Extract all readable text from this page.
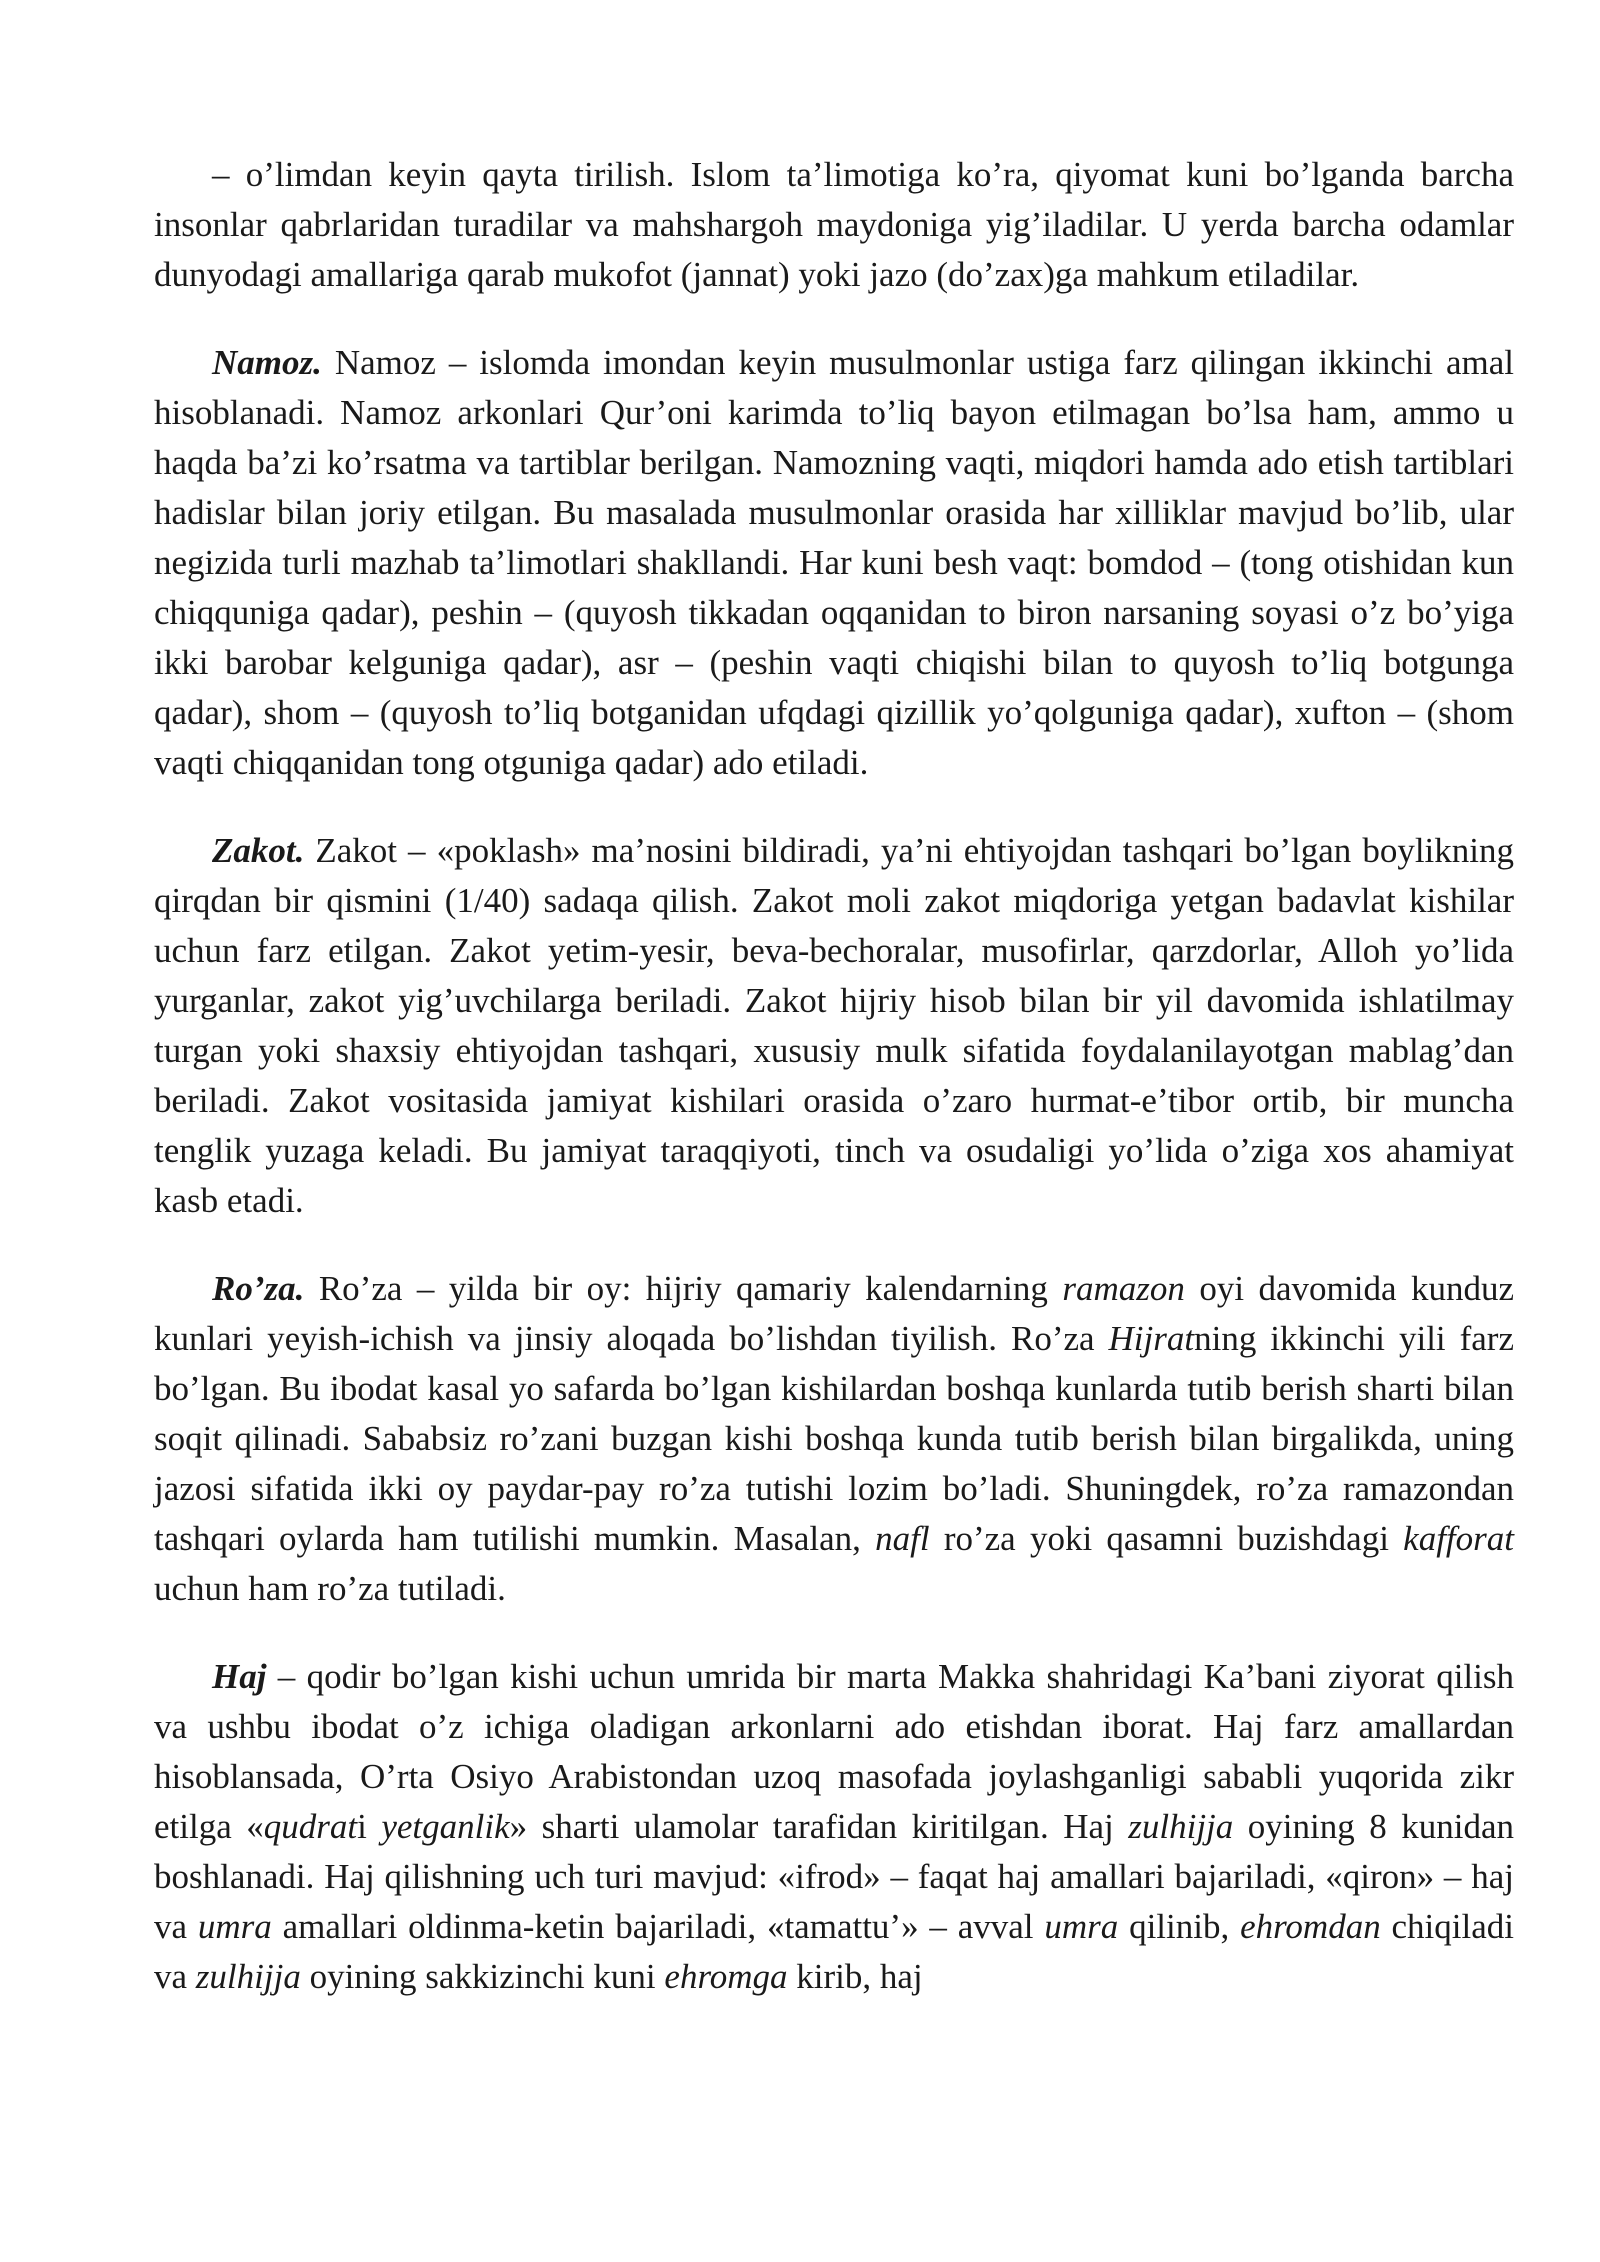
– o’limdan keyin qayta tirilish. Islom ta’limotiga ko’ra, qiyomat kuni bo’lganda barcha insonlar qabrlaridan turadilar va mahshargoh maydoniga yig’iladilar. U yerda barcha odamlar dunyodagi amallariga qarab mukofot (jannat) yoki jazo (do’zax)ga mahkum etiladilar.

Namoz. Namoz – islomda imondan keyin musulmonlar ustiga farz qilingan ikkinchi amal hisoblanadi. Namoz arkonlari Qur’oni karimda to’liq bayon etilmagan bo’lsa ham, ammo u haqda ba’zi ko’rsatma va tartiblar berilgan. Namozning vaqti, miqdori hamda ado etish tartiblari hadislar bilan joriy etilgan. Bu masalada musulmonlar orasida har xilliklar mavjud bo’lib, ular negizida turli mazhab ta’limotlari shakllandi. Har kuni besh vaqt: bomdod – (tong otishidan kun chiqquniga qadar), peshin – (quyosh tikkadan oqqanidan to biron narsaning soyasi o’z bo’yiga ikki barobar kelguniga qadar), asr – (peshin vaqti chiqishi bilan to quyosh to’liq botgunga qadar), shom – (quyosh to’liq botganidan ufqdagi qizillik yo’qolguniga qadar), xufton – (shom vaqti chiqqanidan tong otguniga qadar) ado etiladi.

Zakot. Zakot – «poklash» ma’nosini bildiradi, ya’ni ehtiyojdan tashqari bo’lgan boylikning qirqdan bir qismini (1/40) sadaqa qilish. Zakot moli zakot miqdoriga yetgan badavlat kishilar uchun farz etilgan. Zakot yetim-yesir, beva-bechoralar, musofirlar, qarzdorlar, Alloh yo’lida yurganlar, zakot yig’uvchilarga beriladi. Zakot hijriy hisob bilan bir yil davomida ishlatilmay turgan yoki shaxsiy ehtiyojdan tashqari, xususiy mulk sifatida foydalanilayotgan mablag’dan beriladi. Zakot vositasida jamiyat kishilari orasida o’zaro hurmat-e’tibor ortib, bir muncha tenglik yuzaga keladi. Bu jamiyat taraqqiyoti, tinch va osudaligi yo’lida o’ziga xos ahamiyat kasb etadi.

Ro’za. Ro’za – yilda bir oy: hijriy qamariy kalendarning ramazon oyi davomida kunduz kunlari yeyish-ichish va jinsiy aloqada bo’lishdan tiyilish. Ro’za Hijratning ikkinchi yili farz bo’lgan. Bu ibodat kasal yo safarda bo’lgan kishilardan boshqa kunlarda tutib berish sharti bilan soqit qilinadi. Sababsiz ro’zani buzgan kishi boshqa kunda tutib berish bilan birgalikda, uning jazosi sifatida ikki oy paydar-pay ro’za tutishi lozim bo’ladi. Shuningdek, ro’za ramazondan tashqari oylarda ham tutilishi mumkin. Masalan, nafl ro’za yoki qasamni buzishdagi kafforat uchun ham ro’za tutiladi.

Haj – qodir bo’lgan kishi uchun umrida bir marta Makka shahridagi Ka’bani ziyorat qilish va ushbu ibodat o’z ichiga oladigan arkonlarni ado etishdan iborat. Haj farz amallardan hisoblansada, O’rta Osiyo Arabistondan uzoq masofada joylashganligi sababli yuqorida zikr etilga «qudrati yetganlik» sharti ulamolar tarafidan kiritilgan. Haj zulhijja oyining 8 kunidan boshlanadi. Haj qilishning uch turi mavjud: «ifrod» – faqat haj amallari bajariladi, «qiron» – haj va umra amallari oldinma-ketin bajariladi, «tamattu’» – avval umra qilinib, ehromdan chiqiladi va zulhijja oyining sakkizinchi kuni ehromga kirib, haj
